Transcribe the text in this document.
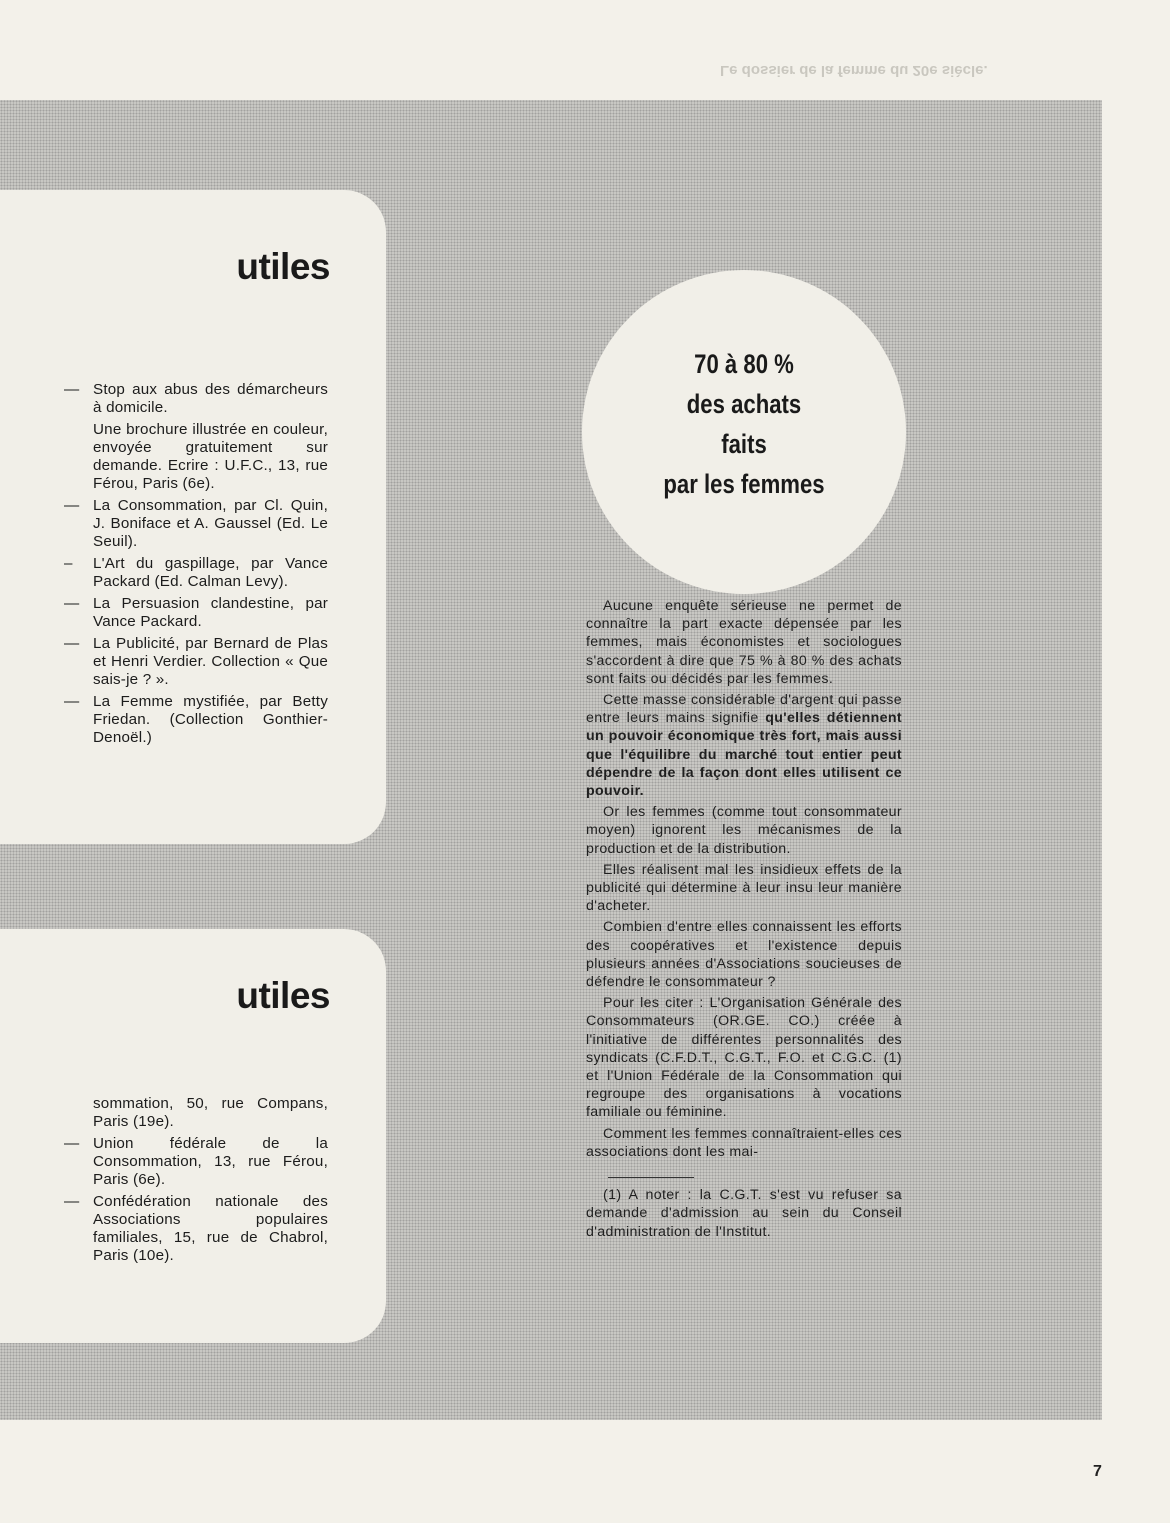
Le dossier de la femme du 20e siècle.
utiles
— Stop aux abus des démarcheurs à domicile.
Une brochure illustrée en couleur, envoyée gratuitement sur demande. Ecrire : U.F.C., 13, rue Férou, Paris (6e).
— La Consommation, par Cl. Quin, J. Boniface et A. Gaussel (Ed. Le Seuil).
– L'Art du gaspillage, par Vance Packard (Ed. Calman Levy).
— La Persuasion clandestine, par Vance Packard.
— La Publicité, par Bernard de Plas et Henri Verdier. Collection « Que sais-je ? ».
— La Femme mystifiée, par Betty Friedan. (Collection Gonthier-Denoël.)
utiles
sommation, 50, rue Compans, Paris (19e).
— Union fédérale de la Consommation, 13, rue Férou, Paris (6e).
— Confédération nationale des Associations populaires familiales, 15, rue de Chabrol, Paris (10e).
70 à 80 %
des achats
faits
par les femmes

Aucune enquête sérieuse ne permet de connaître la part exacte dépensée par les femmes, mais économistes et sociologues s'accordent à dire que 75 % à 80 % des achats sont faits ou décidés par les femmes.

Cette masse considérable d'argent qui passe entre leurs mains signifie qu'elles détiennent un pouvoir économique très fort, mais aussi que l'équilibre du marché tout entier peut dépendre de la façon dont elles utilisent ce pouvoir.

Or les femmes (comme tout consommateur moyen) ignorent les mécanismes de la production et de la distribution.

Elles réalisent mal les insidieux effets de la publicité qui détermine à leur insu leur manière d'acheter.

Combien d'entre elles connaissent les efforts des coopératives et l'existence depuis plusieurs années d'Associations soucieuses de défendre le consommateur ?

Pour les citer : L'Organisation Générale des Consommateurs (OR.GE. CO.) créée à l'initiative de différentes personnalités des syndicats (C.F.D.T., C.G.T., F.O. et C.G.C. (1) et l'Union Fédérale de la Consommation qui regroupe des organisations à vocations familiale ou féminine.

Comment les femmes connaîtraient-elles ces associations dont les mai-

(1) A noter : la C.G.T. s'est vu refuser sa demande d'admission au sein du Conseil d'administration de l'Institut.

7
